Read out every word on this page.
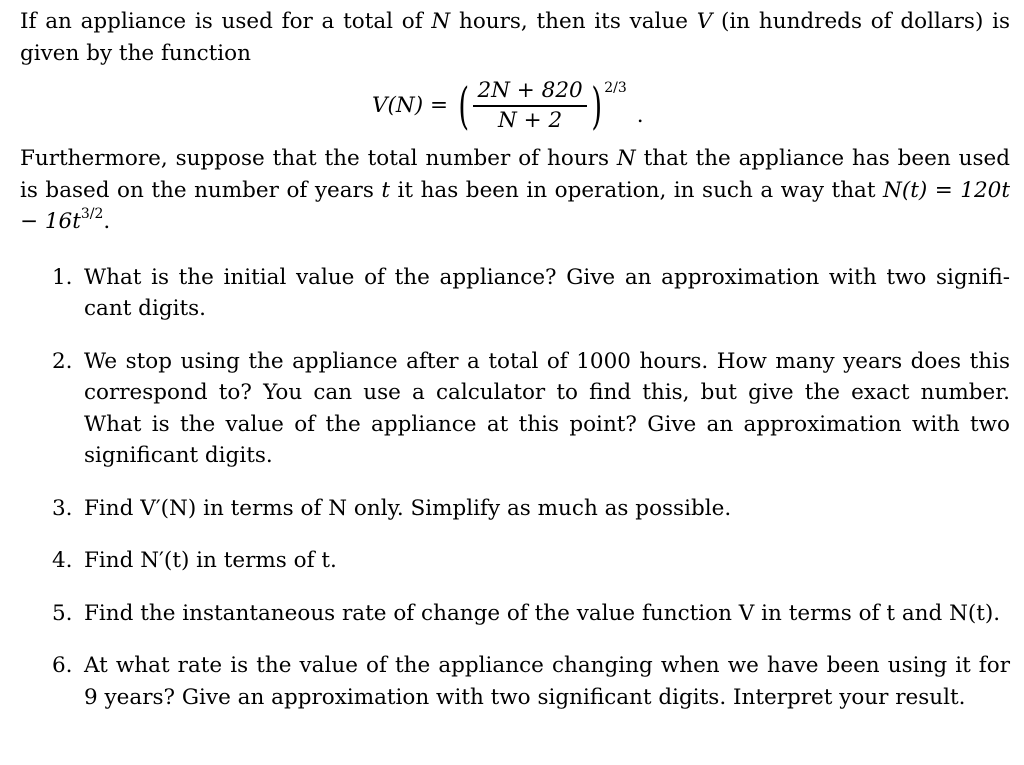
If an appliance is used for a total of N hours, then its value V (in hundreds of dollars) is given by the function

V(N) = ( $\frac{2N + 820}{N + 2}$ ) 2/3
.

Furthermore, suppose that the total number of hours N that the appliance has been used is based on the number of years t it has been in operation, in such a way that $N(t) = 120t - 16t^{3/2}$.

1. What is the initial value of the appliance? Give an approximation with two signifi- cant digits.
2. We stop using the appliance after a total of 1000 hours. How many years does this correspond to? You can use a calculator to find this, but give the exact number. What is the value of the appliance at this point? Give an approximation with two significant digits.
3. Find V′(N) in terms of N only. Simplify as much as possible.
4. Find N′(t) in terms of t.
5. Find the instantaneous rate of change of the value function V in terms of t and N(t).
6. At what rate is the value of the appliance changing when we have been using it for 9 years? Give an approximation with two significant digits. Interpret your result.
